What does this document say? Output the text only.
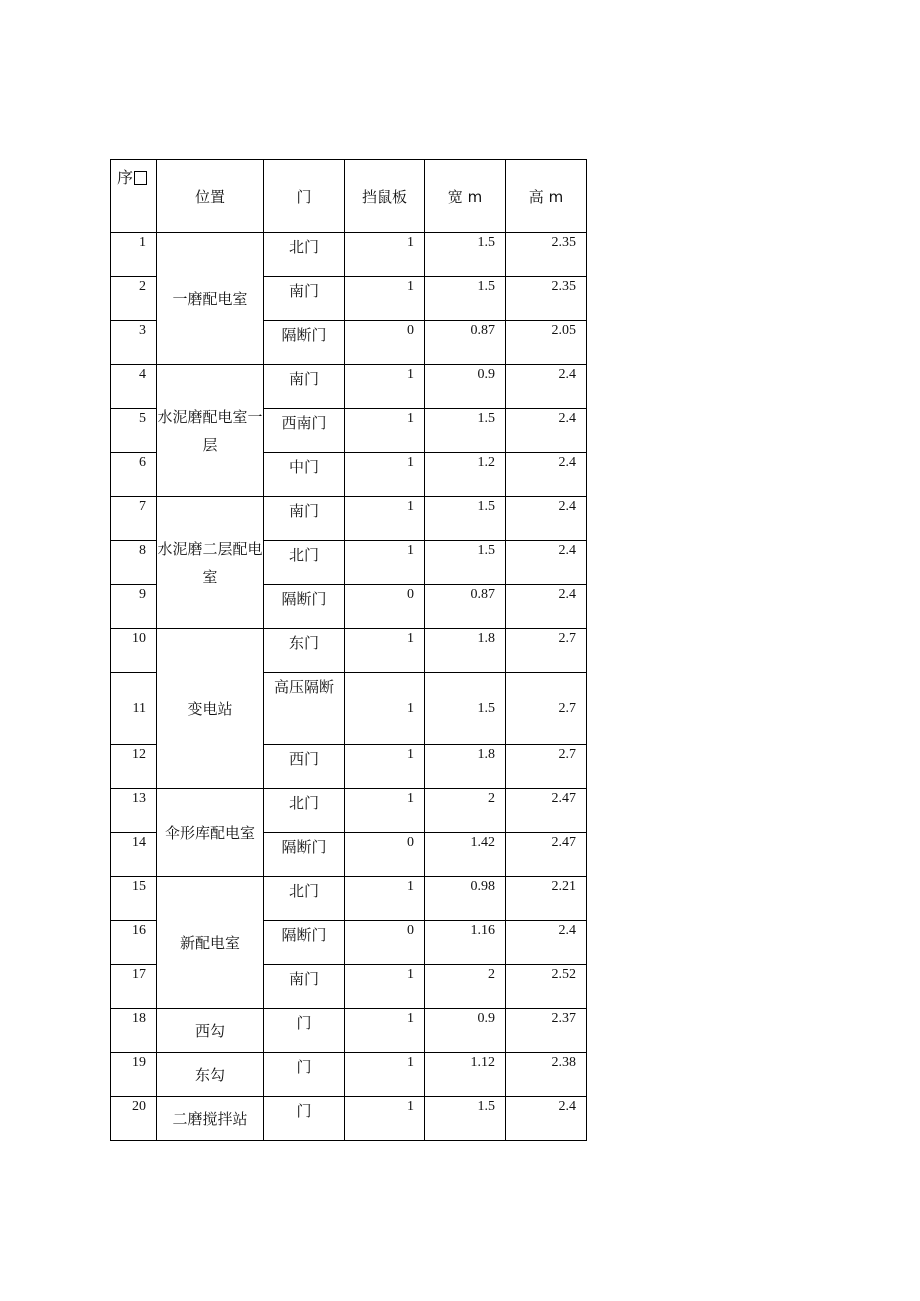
序	位置	门	挡鼠板	宽 m	高 m
1	一磨配电室	北门	1	1.5	2.35
2		南门	1	1.5	2.35
3		隔断门	0	0.87	2.05
4	水泥磨配电室一层	南门	1	0.9	2.4
5		西南门	1	1.5	2.4
6		中门	1	1.2	2.4
7	水泥磨二层配电室	南门	1	1.5	2.4
8		北门	1	1.5	2.4
9		隔断门	0	0.87	2.4
10	变电站	东门	1	1.8	2.7
11		高压隔断	1	1.5	2.7
12		西门	1	1.8	2.7
13	伞形库配电室	北门	1	2	2.47
14		隔断门	0	1.42	2.47
15	新配电室	北门	1	0.98	2.21
16		隔断门	0	1.16	2.4
17		南门	1	2	2.52
18	西勾	门	1	0.9	2.37
19	东勾	门	1	1.12	2.38
20	二磨搅拌站	门	1	1.5	2.4
